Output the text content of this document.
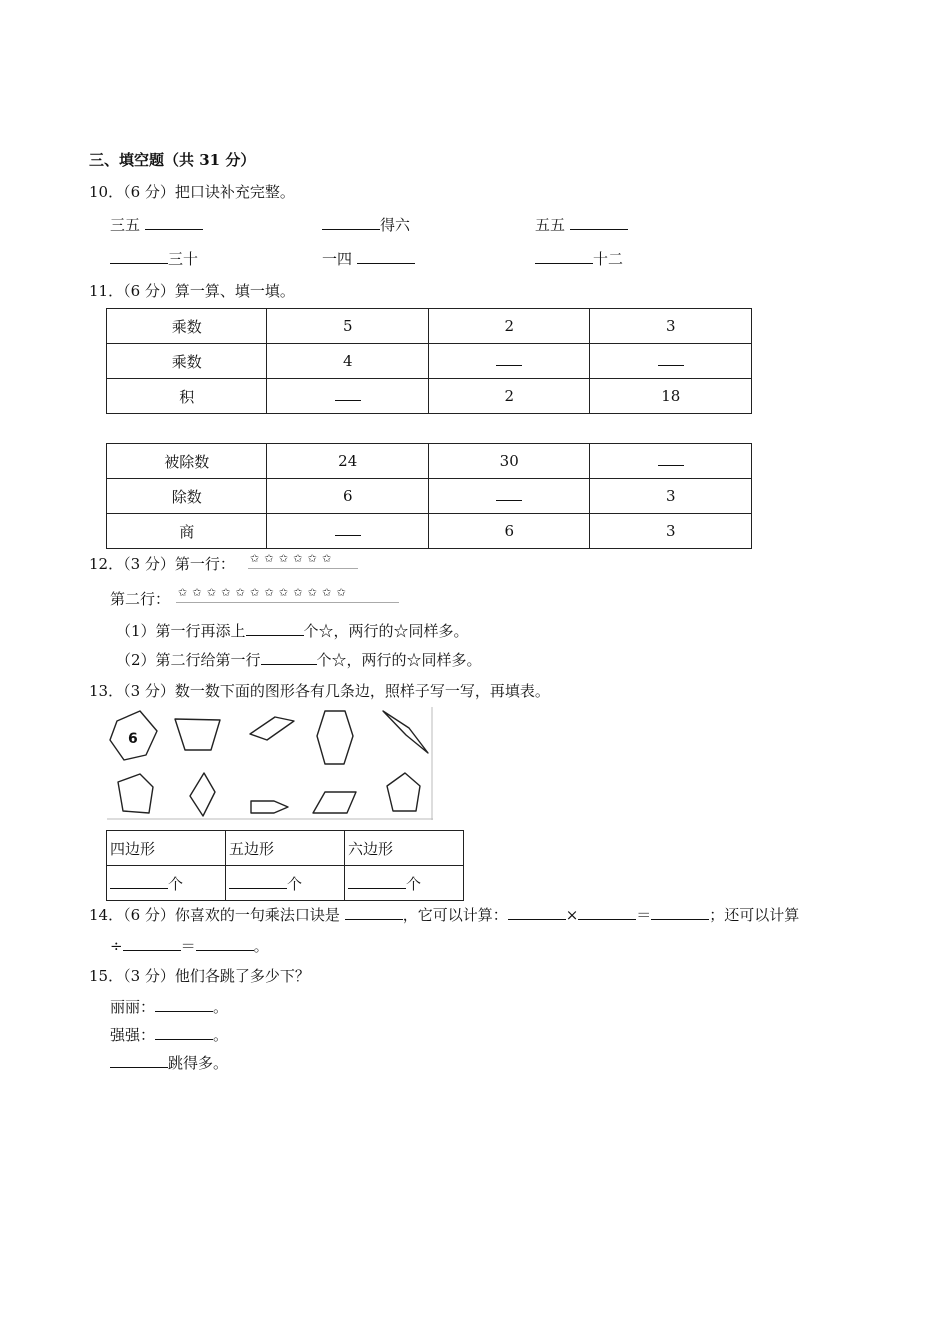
三、填空题（共 31 分）
10．（6 分）把口诀补充完整。
三五	得六	五五
三十	一四	十二
11．（6 分）算一算、填一填。
乘数	5	2	3
乘数	4		
积		2	18
被除数	24	30	
除数	6		3
商		6	3
12．（3 分）第一行： ✩✩✩✩✩✩
第二行： ✩✩✩✩✩✩✩✩✩✩✩✩
（1）第一行再添上	个☆，两行的☆同样多。
（2）第二行给第一行	个☆，两行的☆同样多。
13．（3 分）数一数下面的图形各有几条边，照样子写一写，再填表。
6
四边形	五边形	六边形
个	个	个
14．（6 分）你喜欢的一句乘法口诀是	，它可以计算：	×	＝	；还可以计算
÷	＝	。
15．（3 分）他们各跳了多少下？
丽丽：	。
强强：	。
跳得多。
